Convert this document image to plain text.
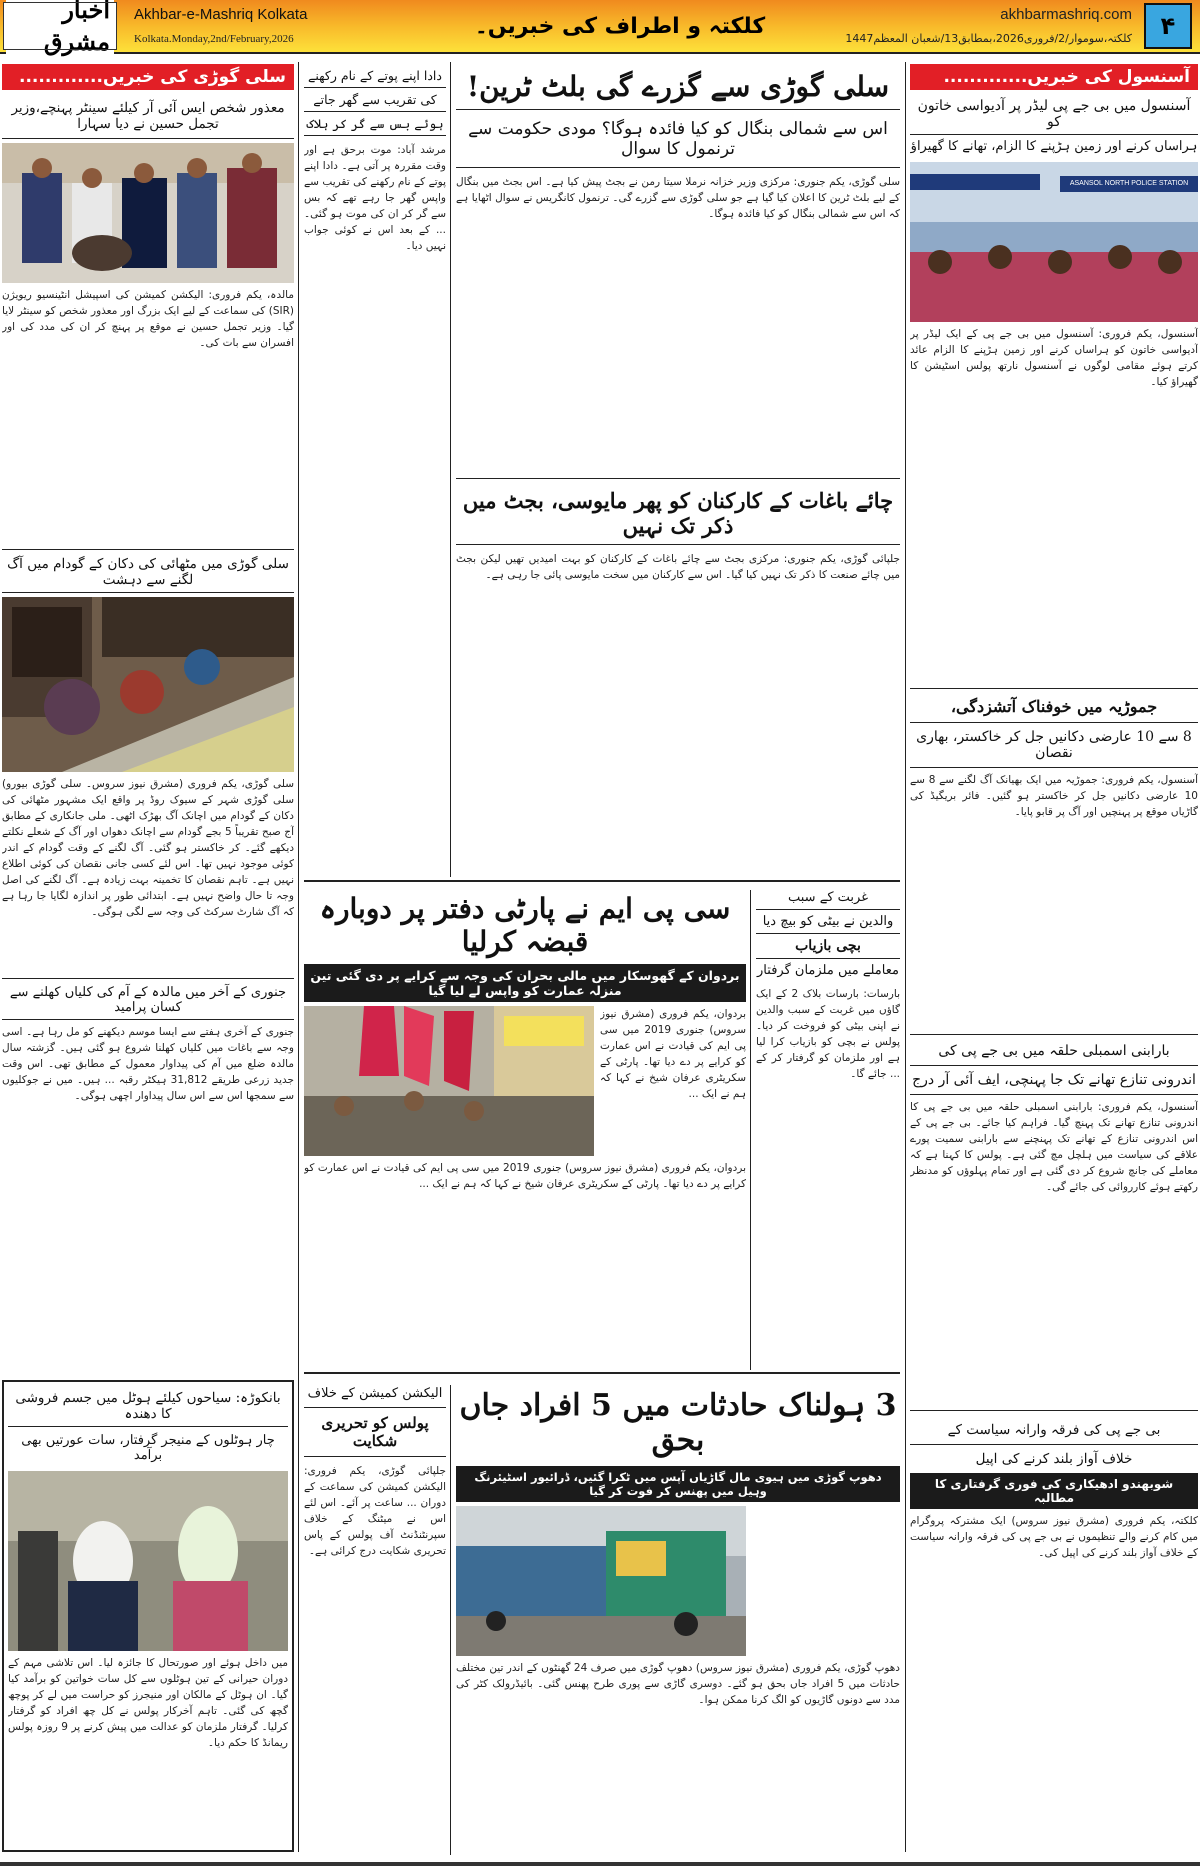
اخبار مشرق
Akhbar-e-Mashriq Kolkata
Kolkata.Monday,2nd/February,2026	کلکتہ و اطراف کی خبریں۔	akhbarmashriq.com
کلکتہ،سوموار/2/فروری2026،بمطابق13/شعبان المعظم1447	۴
سلی گوڑی کی خبریں.............
معذور شخص ایس آئی آر کیلئے سینٹر پہنچے،وزیر تجمل حسین نے دیا سہارا

مالدہ، یکم فروری: الیکشن کمیشن کی اسپیشل انٹینسیو ریویژن (SIR) کی سماعت کے لیے ایک بزرگ اور معذور شخص کو سینٹر لایا گیا۔ وزیر تجمل حسین نے موقع پر پہنچ کر ان کی مدد کی اور افسران سے بات کی۔

سلی گوڑی میں مٹھائی کی دکان کے گودام میں آگ لگنے سے دہشت

سلی گوڑی، یکم فروری (مشرق نیوز سروس۔ سلی گوڑی بیورو) سلی گوڑی شہر کے سیوک روڈ پر واقع ایک مشہور مٹھائی کی دکان کے گودام میں اچانک آگ بھڑک اٹھی۔ ملی جانکاری کے مطابق آج صبح تقریباً 5 بجے گودام سے اچانک دھواں اور آگ کے شعلے نکلتے دیکھے گئے۔ کر خاکستر ہو گئی۔ آگ لگنے کے وقت گودام کے اندر کوئی موجود نہیں تھا۔ اس لئے کسی جانی نقصان کی کوئی اطلاع نہیں ہے۔ تاہم نقصان کا تخمینہ بہت زیادہ ہے۔ آگ لگنے کی اصل وجہ تا حال واضح نہیں ہے۔ ابتدائی طور پر اندازہ لگایا جا رہا ہے کہ آگ شارٹ سرکٹ کی وجہ سے لگی ہوگی۔

جنوری کے آخر میں مالدہ کے آم کی کلیاں کھلنے سے کسان پرامید

جنوری کے آخری ہفتے سے ایسا موسم دیکھنے کو مل رہا ہے۔ اسی وجہ سے باغات میں کلیاں کھلنا شروع ہو گئی ہیں۔ گزشتہ سال مالدہ ضلع میں آم کی پیداوار معمول کے مطابق تھی۔ اس وقت جدید زرعی طریقے 31,812 ہیکٹر رقبہ ... ہیں۔ میں نے جوکلیوں سے سمجھا اس سے اس سال پیداوار اچھی ہوگی۔

بانکوڑہ: سیاحوں کیلئے ہوٹل میں جسم فروشی کا دھندہ
چار ہوٹلوں کے منیجر گرفتار، سات عورتیں بھی برآمد

میں داخل ہوئے اور صورتحال کا جائزہ لیا۔ اس تلاشی مہم کے دوران حیرانی کے تین ہوٹلوں سے کل سات خواتین کو برآمد کیا گیا۔ ان ہوٹل کے مالکان اور منیجرز کو حراست میں لے کر پوچھ گچھ کی گئی۔ تاہم آخرکار پولس نے کل چھ افراد کو گرفتار کرلیا۔ گرفتار ملزمان کو عدالت میں پیش کرنے پر 9 روزہ پولس ریمانڈ کا حکم دیا۔

دادا اپنے پوتے کے نام رکھنے
کی تقریب سے گھر جاتے
ہوئے بس سے گر کر ہلاک

مرشد آباد: موت برحق ہے اور وقت مقررہ پر آتی ہے۔ دادا اپنے پوتے کے نام رکھنے کی تقریب سے واپس گھر جا رہے تھے کہ بس سے گر کر ان کی موت ہو گئی۔ ... کے بعد اس نے کوئی جواب نہیں دیا۔

سلی گوڑی سے گزرے گی بلٹ ٹرین!
اس سے شمالی بنگال کو کیا فائدہ ہوگا؟ مودی حکومت سے ترنمول کا سوال

سلی گوڑی، یکم جنوری: مرکزی وزیر خزانہ نرملا سیتا رمن نے بجٹ پیش کیا ہے۔ اس بجٹ میں بنگال کے لیے بلٹ ٹرین کا اعلان کیا گیا ہے جو سلی گوڑی سے گزرے گی۔ ترنمول کانگریس نے سوال اٹھایا ہے کہ اس سے شمالی بنگال کو کیا فائدہ ہوگا۔

چائے باغات کے کارکنان کو پھر مایوسی، بجٹ میں ذکر تک نہیں

جلپائی گوڑی، یکم جنوری: مرکزی بجٹ سے چائے باغات کے کارکنان کو بہت امیدیں تھیں لیکن بجٹ میں چائے صنعت کا ذکر تک نہیں کیا گیا۔ اس سے کارکنان میں سخت مایوسی پائی جا رہی ہے۔

سی پی ایم نے پارٹی دفتر پر دوبارہ قبضہ کرلیا
بردوان کے گھوسکار میں مالی بحران کی وجہ سے کرایے پر دی گئی تین منزلہ عمارت کو واپس لے لیا گیا

بردوان، یکم فروری (مشرق نیوز سروس) جنوری 2019 میں سی پی ایم کی قیادت نے اس عمارت کو کرایے پر دے دیا تھا۔ پارٹی کے سکریٹری عرفان شیخ نے کہا کہ ہم نے ایک ...

بردوان، یکم فروری (مشرق نیوز سروس) جنوری 2019 میں سی پی ایم کی قیادت نے اس عمارت کو کرایے پر دے دیا تھا۔ پارٹی کے سکریٹری عرفان شیخ نے کہا کہ ہم نے ایک ...

غربت کے سبب
والدین نے بیٹی کو بیچ دیا
بچی بازیاب
معاملے میں ملزمان گرفتار

بارسات: بارسات بلاک 2 کے ایک گاؤں میں غربت کے سبب والدین نے اپنی بیٹی کو فروخت کر دیا۔ پولس نے بچی کو بازیاب کرا لیا ہے اور ملزمان کو گرفتار کر کے ... جائے گا۔

الیکشن کمیشن کے خلاف
پولس کو تحریری شکایت

جلپائی گوڑی، یکم فروری: الیکشن کمیشن کی سماعت کے دوران ... ساعت پر آئے۔ اس لئے اس نے میٹنگ کے خلاف سپرنٹنڈنٹ آف پولس کے پاس تحریری شکایت درج کرائی ہے۔

3 ہولناک حادثات میں 5 افراد جاں بحق
دھوپ گوڑی میں ہیوی مال گاڑیاں آپس میں ٹکرا گئیں، ڈرائیور اسٹیئرنگ وہیل میں پھنس کر فوت کر گیا

دھوپ گوڑی، یکم فروری (مشرق نیوز سروس) دھوپ گوڑی میں صرف 24 گھنٹوں کے اندر تین مختلف حادثات میں 5 افراد جاں بحق ہو گئے۔ دوسری گاڑی سے پوری طرح پھنس گئی۔ بائیڈرولک کٹر کی مدد سے دونوں گاڑیوں کو الگ کرنا ممکن ہوا۔

آسنسول کی خبریں.............
آسنسول میں بی جے پی لیڈر پر آدیواسی خاتون کو
ہراساں کرنے اور زمین ہڑپنے کا الزام، تھانے کا گھیراؤ
ASANSOL NORTH POLICE STATION

آسنسول، یکم فروری: آسنسول میں بی جے پی کے ایک لیڈر پر آدیواسی خاتون کو ہراساں کرنے اور زمین ہڑپنے کا الزام عائد کرتے ہوئے مقامی لوگوں نے آسنسول نارتھ پولس اسٹیشن کا گھیراؤ کیا۔

جموڑیہ میں خوفناک آتشزدگی،
8 سے 10 عارضی دکانیں جل کر خاکستر، بھاری نقصان

آسنسول، یکم فروری: جموڑیہ میں ایک بھیانک آگ لگنے سے 8 سے 10 عارضی دکانیں جل کر خاکستر ہو گئیں۔ فائر بریگیڈ کی گاڑیاں موقع پر پہنچیں اور آگ پر قابو پایا۔

بارابنی اسمبلی حلقہ میں بی جے پی کی
اندرونی تنازع تھانے تک جا پہنچی، ایف آئی آر درج

آسنسول، یکم فروری: بارابنی اسمبلی حلقہ میں بی جے پی کا اندرونی تنازع تھانے تک پہنچ گیا۔ فراہم کیا جائے۔ بی جے پی کے اس اندرونی تنازع کے تھانے تک پہنچنے سے بارابنی سمیت پورے علاقے کی سیاست میں ہلچل مچ گئی ہے۔ پولس کا کہنا ہے کہ معاملے کی جانچ شروع کر دی گئی ہے اور تمام پہلوؤں کو مدنظر رکھتے ہوئے کارروائی کی جائے گی۔

بی جے پی کی فرقہ وارانہ سیاست کے
خلاف آواز بلند کرنے کی اپیل
شوبھندو ادھیکاری کی فوری گرفتاری کا مطالبہ

کلکتہ، یکم فروری (مشرق نیوز سروس) ایک مشترکہ پروگرام میں کام کرنے والے تنظیموں نے بی جے پی کی فرقہ وارانہ سیاست کے خلاف آواز بلند کرنے کی اپیل کی۔
